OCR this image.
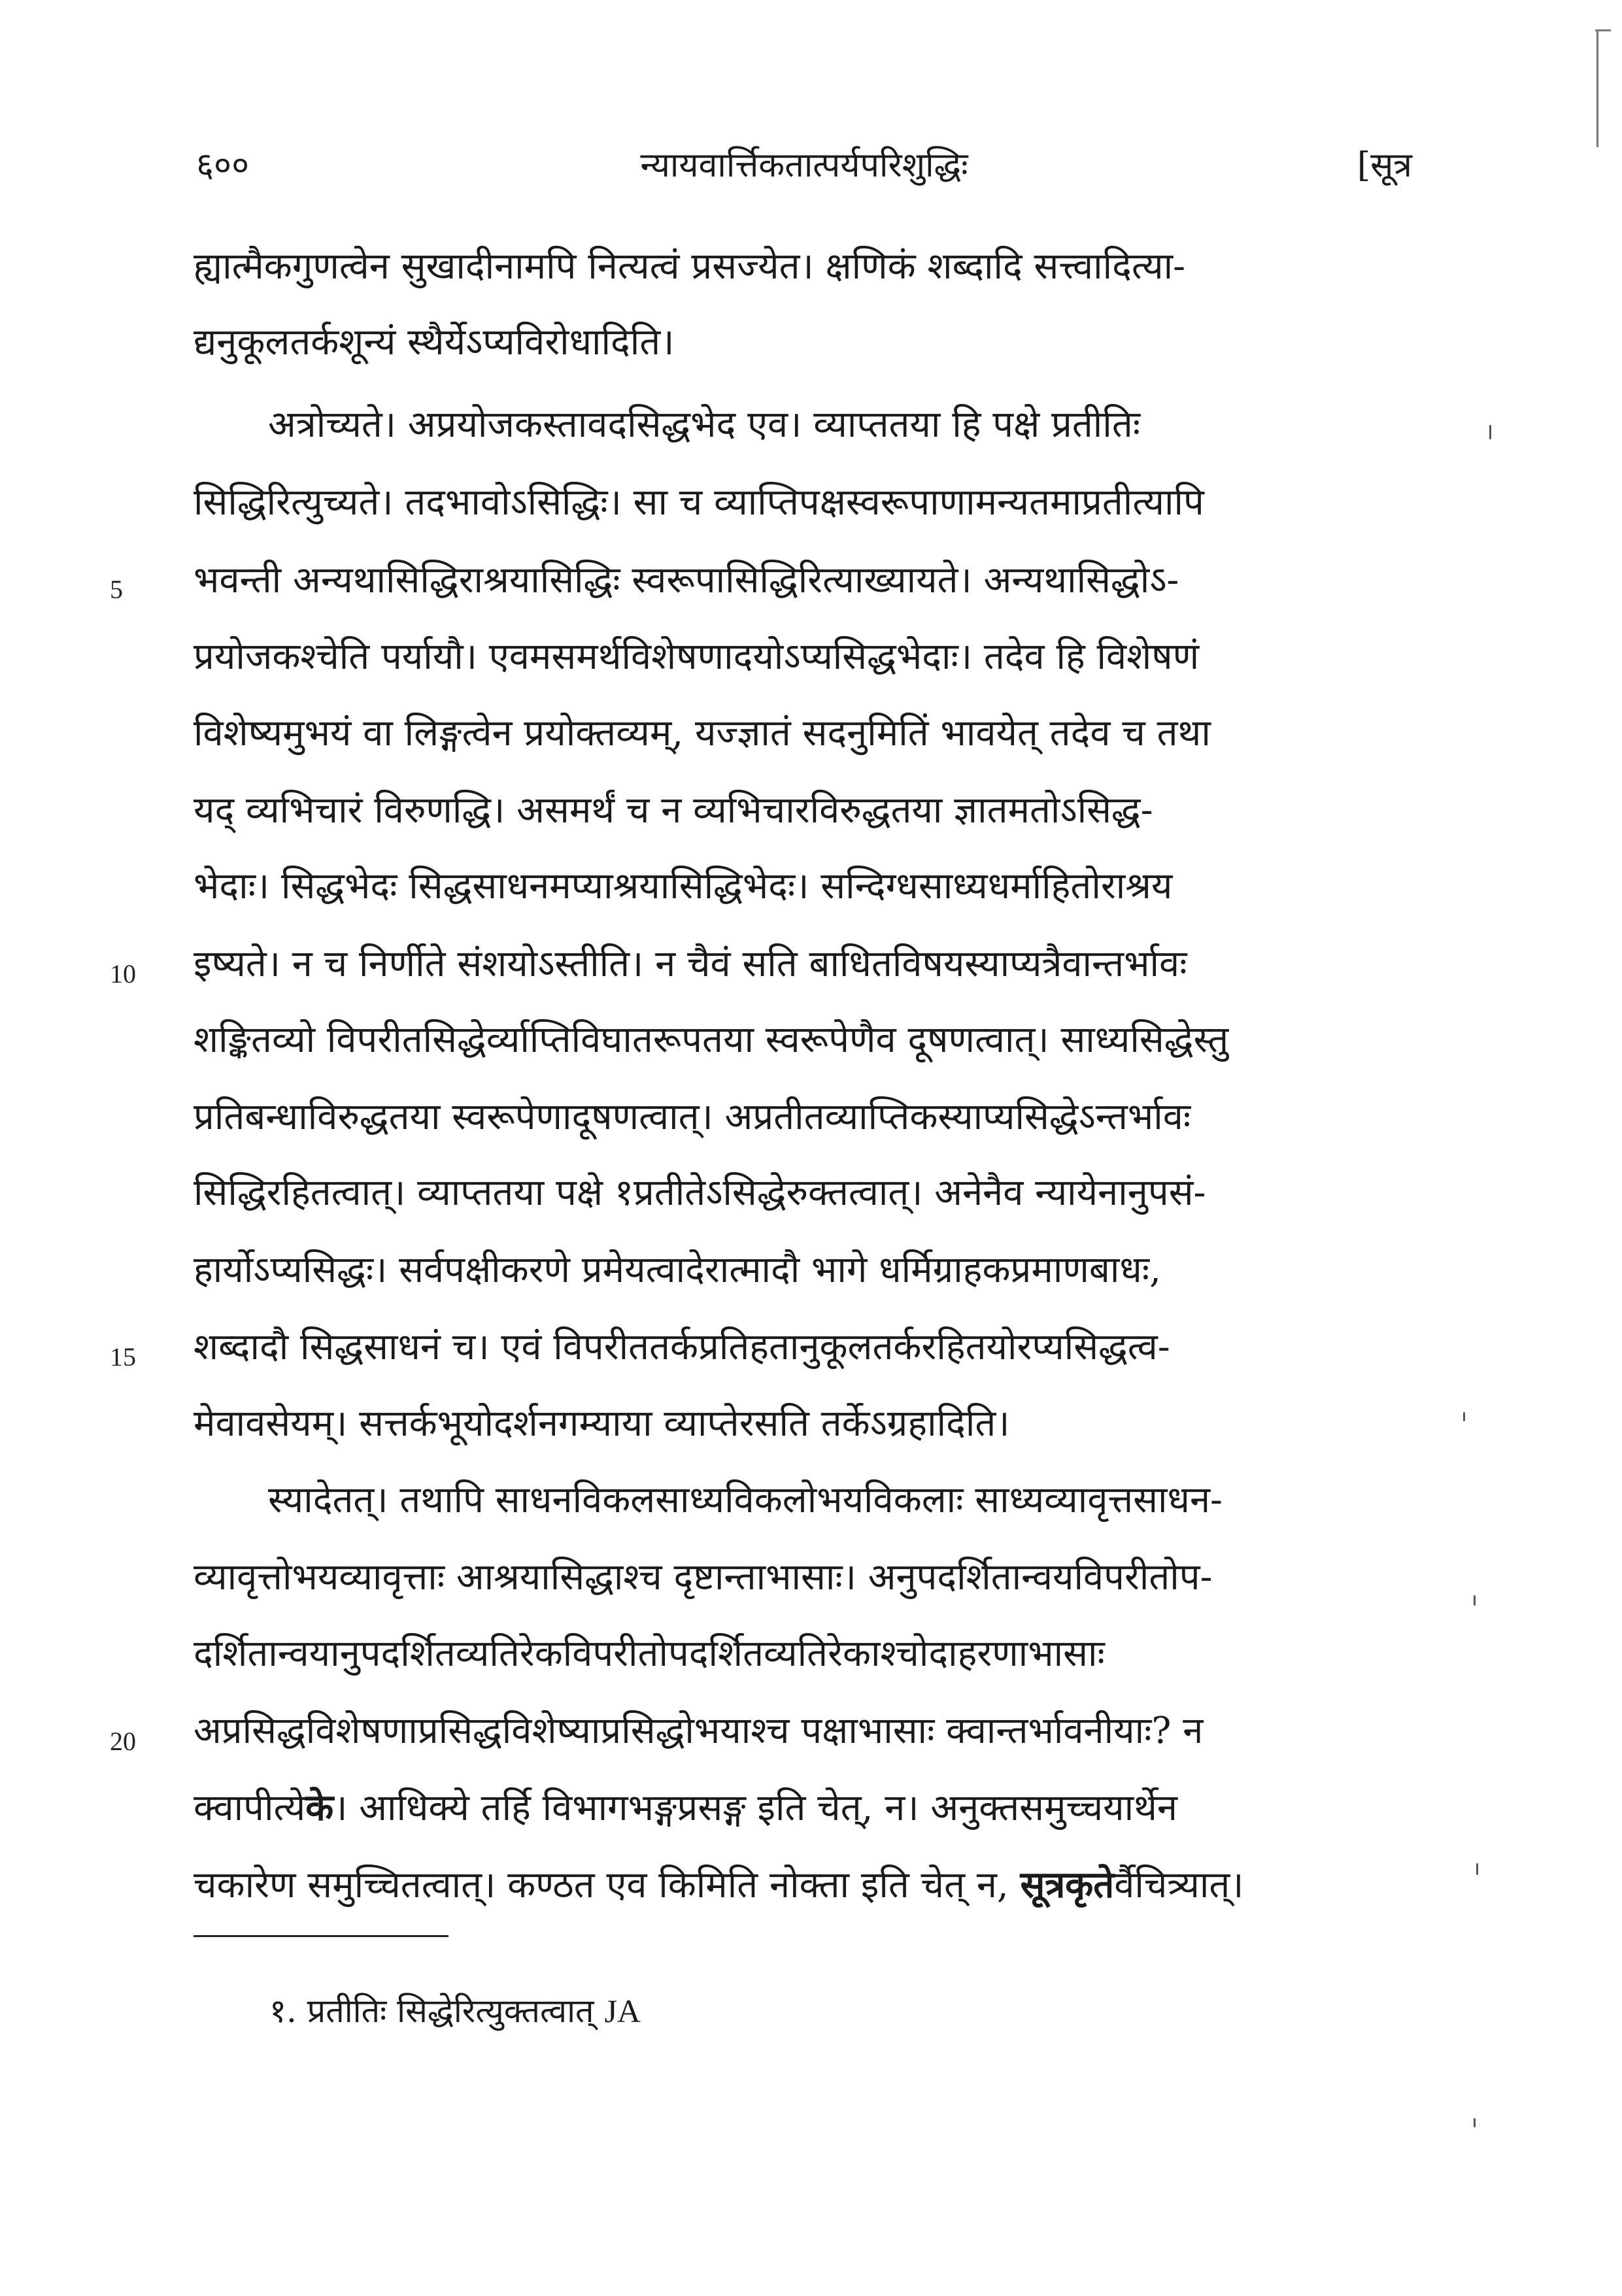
६००	न्यायवार्त्तिकतात्पर्यपरिशुद्धिः	[सूत्र
ह्यात्मैकगुणत्वेन सुखादीनामपि नित्यत्वं प्रसज्येत। क्षणिकं शब्दादि सत्त्वादित्या-
द्यनुकूलतर्कशून्यं स्थैर्येऽप्यविरोधादिति।
अत्रोच्यते। अप्रयोजकस्तावदसिद्धभेद एव। व्याप्ततया हि पक्षे प्रतीतिः
सिद्धिरित्युच्यते। तदभावोऽसिद्धिः। सा च व्याप्तिपक्षस्वरूपाणामन्यतमाप्रतीत्यापि
5 भवन्ती अन्यथासिद्धिराश्रयासिद्धिः स्वरूपासिद्धिरित्याख्यायते। अन्यथासिद्धोऽ-
प्रयोजकश्चेति पर्यायौ। एवमसमर्थविशेषणादयोऽप्यसिद्धभेदाः। तदेव हि विशेषणं
विशेष्यमुभयं वा लिङ्गत्वेन प्रयोक्तव्यम्, यज्ज्ञातं सदनुमितिं भावयेत् तदेव च तथा
यद् व्यभिचारं विरुणद्धि। असमर्थं च न व्यभिचारविरुद्धतया ज्ञातमतोऽसिद्ध-
भेदाः। सिद्धभेदः सिद्धसाधनमप्याश्रयासिद्धिभेदः। सन्दिग्धसाध्यधर्माहितोराश्रय
10 इष्यते। न च निर्णीते संशयोऽस्तीति। न चैवं सति बाधितविषयस्याप्यत्रैवान्तर्भावः
शङ्कितव्यो विपरीतसिद्धेर्व्याप्तिविघातरूपतया स्वरूपेणैव दूषणत्वात्। साध्यसिद्धेस्तु
प्रतिबन्धाविरुद्धतया स्वरूपेणादूषणत्वात्। अप्रतीतव्याप्तिकस्याप्यसिद्धेऽन्तर्भावः
सिद्धिरहितत्वात्। व्याप्ततया पक्षे १प्रतीतेऽसिद्धेरुक्तत्वात्। अनेनैव न्यायेनानुपसं-
हार्योऽप्यसिद्धः। सर्वपक्षीकरणे प्रमेयत्वादेरात्मादौ भागे धर्मिग्राहकप्रमाणबाधः,
15 शब्दादौ सिद्धसाधनं च। एवं विपरीततर्कप्रतिहतानुकूलतर्करहितयोरप्यसिद्धत्व-
मेवावसेयम्। सत्तर्कभूयोदर्शनगम्याया व्याप्तेरसति तर्केऽग्रहादिति।
स्यादेतत्। तथापि साधनविकलसाध्यविकलोभयविकलाः साध्यव्यावृत्तसाधन-
व्यावृत्तोभयव्यावृत्ताः आश्रयासिद्धाश्च दृष्टान्ताभासाः। अनुपदर्शितान्वयविपरीतोप-
दर्शितान्वयानुपदर्शितव्यतिरेकविपरीतोपदर्शितव्यतिरेकाश्चोदाहरणाभासाः
20 अप्रसिद्धविशेषणाप्रसिद्धविशेष्याप्रसिद्धोभयाश्च पक्षाभासाः क्वान्तर्भावनीयाः? न
क्वापीत्येके। आधिक्ये तर्हि विभागभङ्गप्रसङ्ग इति चेत्, न। अनुक्तसमुच्चयार्थेन
चकारेण समुच्चितत्वात्। कण्ठत एव किमिति नोक्ता इति चेत् न, सूत्रकृतेर्वैचित्र्यात्।
१. प्रतीतिः सिद्धेरित्युक्तत्वात् JA
